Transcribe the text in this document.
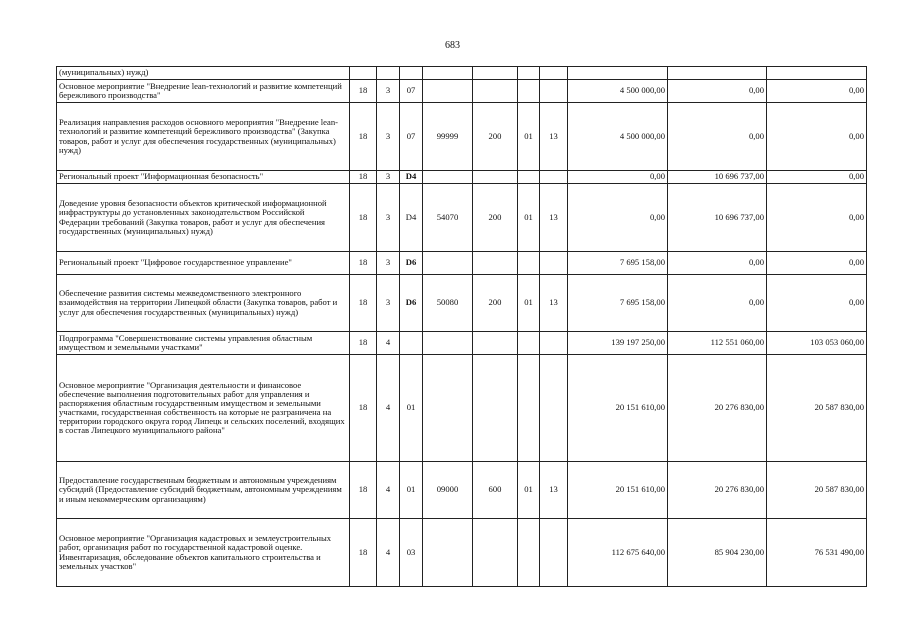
683
(муниципальных) нужд)										
Основное мероприятие "Внедрение lean-технологий и развитие компетенций бережливого производства"	18	3	07					4 500 000,00	0,00	0,00
Реализация направления расходов основного мероприятия "Внедрение lean-технологий и развитие компетенций бережливого производства" (Закупка товаров, работ и услуг для обеспечения государственных (муниципальных) нужд)	18	3	07	99999	200	01	13	4 500 000,00	0,00	0,00
Региональный проект "Информационная безопасность"	18	3	D4					0,00	10 696 737,00	0,00
Доведение уровня безопасности объектов критической информационной инфраструктуры до установленных законодательством Российской Федерации требований (Закупка товаров, работ и услуг для обеспечения государственных (муниципальных) нужд)	18	3	D4	54070	200	01	13	0,00	10 696 737,00	0,00
Региональный проект "Цифровое государственное управление"	18	3	D6					7 695 158,00	0,00	0,00
Обеспечение развития системы межведомственного электронного взаимодействия на территории Липецкой области (Закупка товаров, работ и услуг для обеспечения государственных (муниципальных) нужд)	18	3	D6	50080	200	01	13	7 695 158,00	0,00	0,00
Подпрограмма "Совершенствование системы управления областным имуществом и земельными участками"	18	4						139 197 250,00	112 551 060,00	103 053 060,00
Основное мероприятие "Организация деятельности и финансовое обеспечение выполнения подготовительных работ для управления и распоряжения областным государственным имуществом и земельными участками, государственная собственность на которые не разграничена на территории городского округа город Липецк и сельских поселений, входящих в состав Липецкого муниципального района"	18	4	01					20 151 610,00	20 276 830,00	20 587 830,00
Предоставление государственным бюджетным и автономным учреждениям субсидий (Предоставление субсидий бюджетным, автономным учреждениям и иным некоммерческим организациям)	18	4	01	09000	600	01	13	20 151 610,00	20 276 830,00	20 587 830,00
Основное мероприятие "Организация кадастровых и землеустроительных работ, организация работ по государственной кадастровой оценке. Инвентаризация, обследование объектов капитального строительства и земельных участков"	18	4	03					112 675 640,00	85 904 230,00	76 531 490,00
